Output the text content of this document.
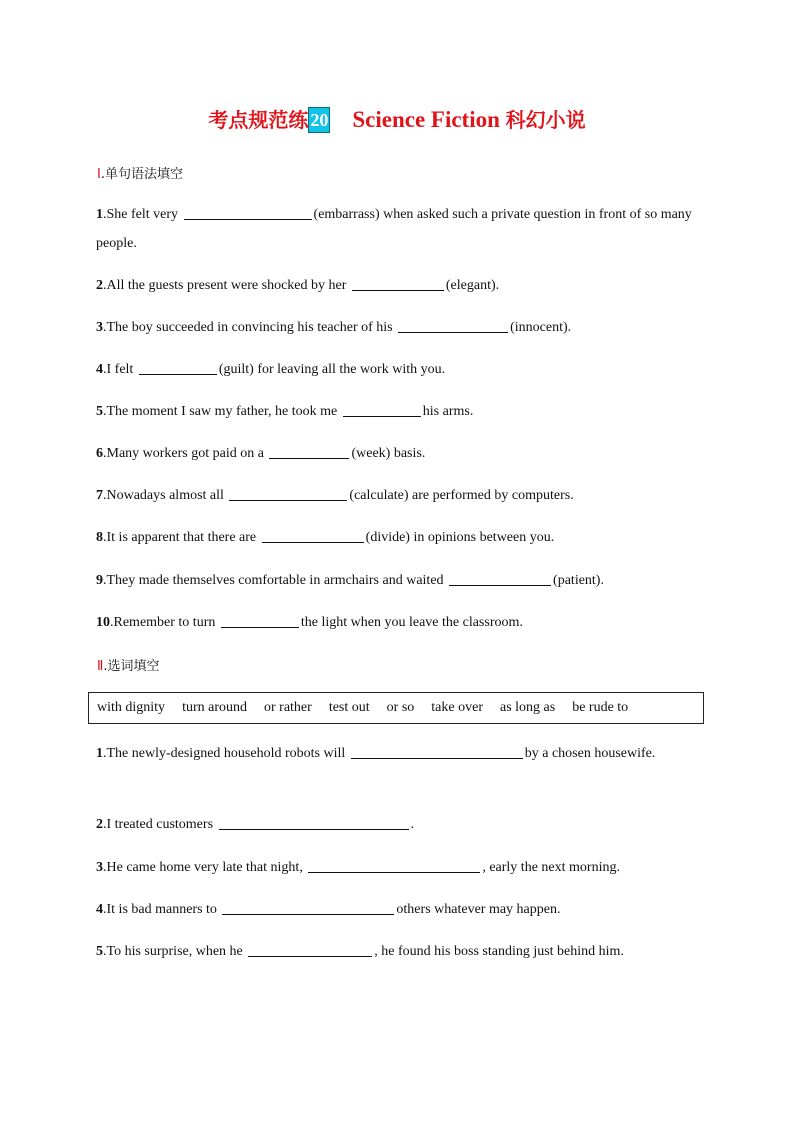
考点规范练 20 Science Fiction 科幻小说
Ⅰ.单句语法填空
1.She felt very	(embarrass) when asked such a private question in front of so many people.
2.All the guests present were shocked by her	(elegant).
3.The boy succeeded in convincing his teacher of his	(innocent).
4.I felt	(guilt) for leaving all the work with you.
5.The moment I saw my father, he took me	his arms.
6.Many workers got paid on a	(week) basis.
7.Nowadays almost all	(calculate) are performed by computers.
8.It is apparent that there are	(divide) in opinions between you.
9.They made themselves comfortable in armchairs and waited	(patient).
10.Remember to turn	the light when you leave the classroom.
Ⅱ.选词填空
with dignity turn around or rather test out or so take over as long as be rude to
1.The newly-designed household robots will	by a chosen housewife.
2.I treated customers	.
3.He came home very late that night,	, early the next morning.
4.It is bad manners to	others whatever may happen.
5.To his surprise, when he	, he found his boss standing just behind him.
